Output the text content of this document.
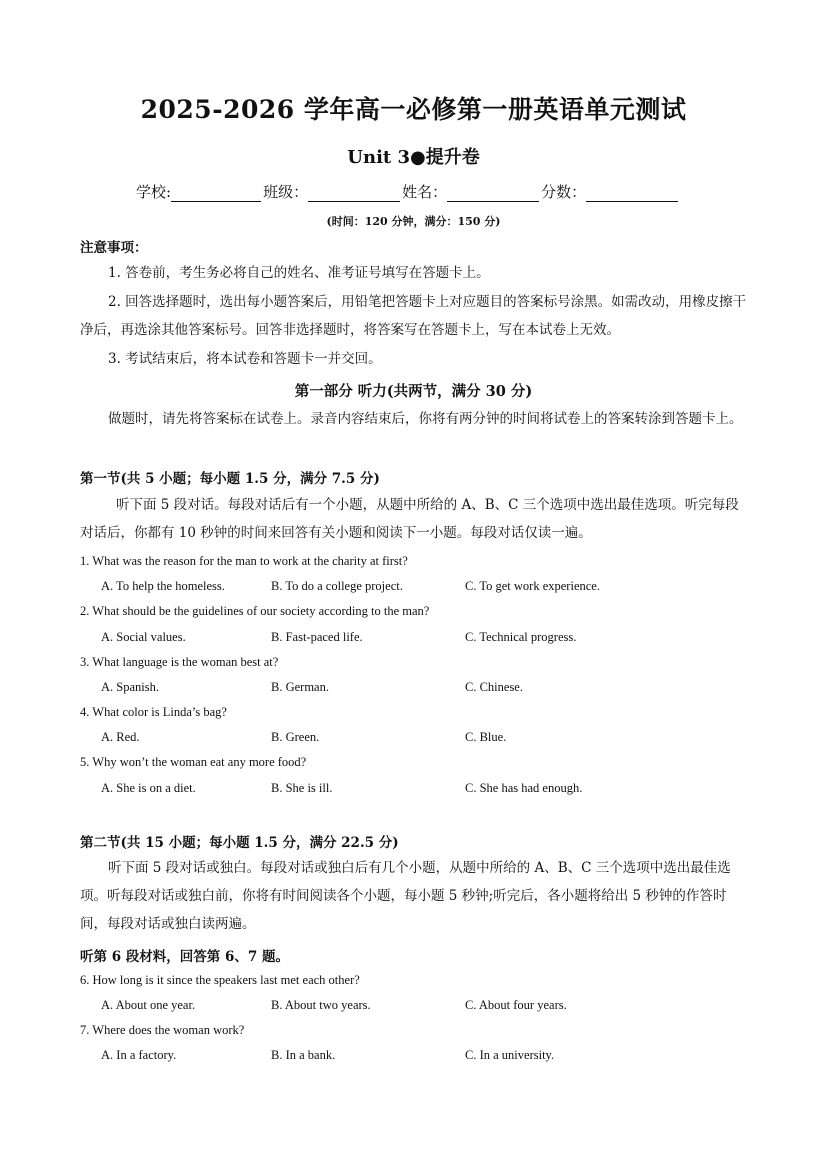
2025-2026 学年高一必修第一册英语单元测试
Unit 3●提升卷
学校:	班级：	姓名：	分数：
(时间：120 分钟，满分：150 分)
注意事项：
1. 答卷前，考生务必将自己的姓名、准考证号填写在答题卡上。
2. 回答选择题时，选出每小题答案后，用铅笔把答题卡上对应题目的答案标号涂黑。如需改动，用橡皮擦干净后，再选涂其他答案标号。回答非选择题时，将答案写在答题卡上，写在本试卷上无效。
3. 考试结束后，将本试卷和答题卡一并交回。
第一部分 听力(共两节，满分 30 分)
做题时，请先将答案标在试卷上。录音内容结束后，你将有两分钟的时间将试卷上的答案转涂到答题卡上。
第一节(共 5 小题；每小题 1.5 分，满分 7.5 分)
听下面 5 段对话。每段对话后有一个小题，从题中所给的 A、B、C 三个选项中选出最佳选项。听完每段对话后，你都有 10 秒钟的时间来回答有关小题和阅读下一小题。每段对话仅读一遍。
1. What was the reason for the man to work at the charity at first?
A. To help the homeless.	B. To do a college project.	C. To get work experience.
2. What should be the guidelines of our society according to the man?
A. Social values.	B. Fast-paced life.	C. Technical progress.
3. What language is the woman best at?
A. Spanish.	B. German.	C. Chinese.
4. What color is Linda’s bag?
A. Red.	B. Green.	C. Blue.
5. Why won’t the woman eat any more food?
A. She is on a diet.	B. She is ill.	C. She has had enough.
第二节(共 15 小题；每小题 1.5 分，满分 22.5 分)
听下面 5 段对话或独白。每段对话或独白后有几个小题，从题中所给的 A、B、C 三个选项中选出最佳选项。听每段对话或独白前，你将有时间阅读各个小题，每小题 5 秒钟;听完后，各小题将给出 5 秒钟的作答时间，每段对话或独白读两遍。
听第 6 段材料，回答第 6、7 题。
6. How long is it since the speakers last met each other?
A. About one year.	B. About two years.	C. About four years.
7. Where does the woman work?
A. In a factory.	B. In a bank.	C. In a university.
